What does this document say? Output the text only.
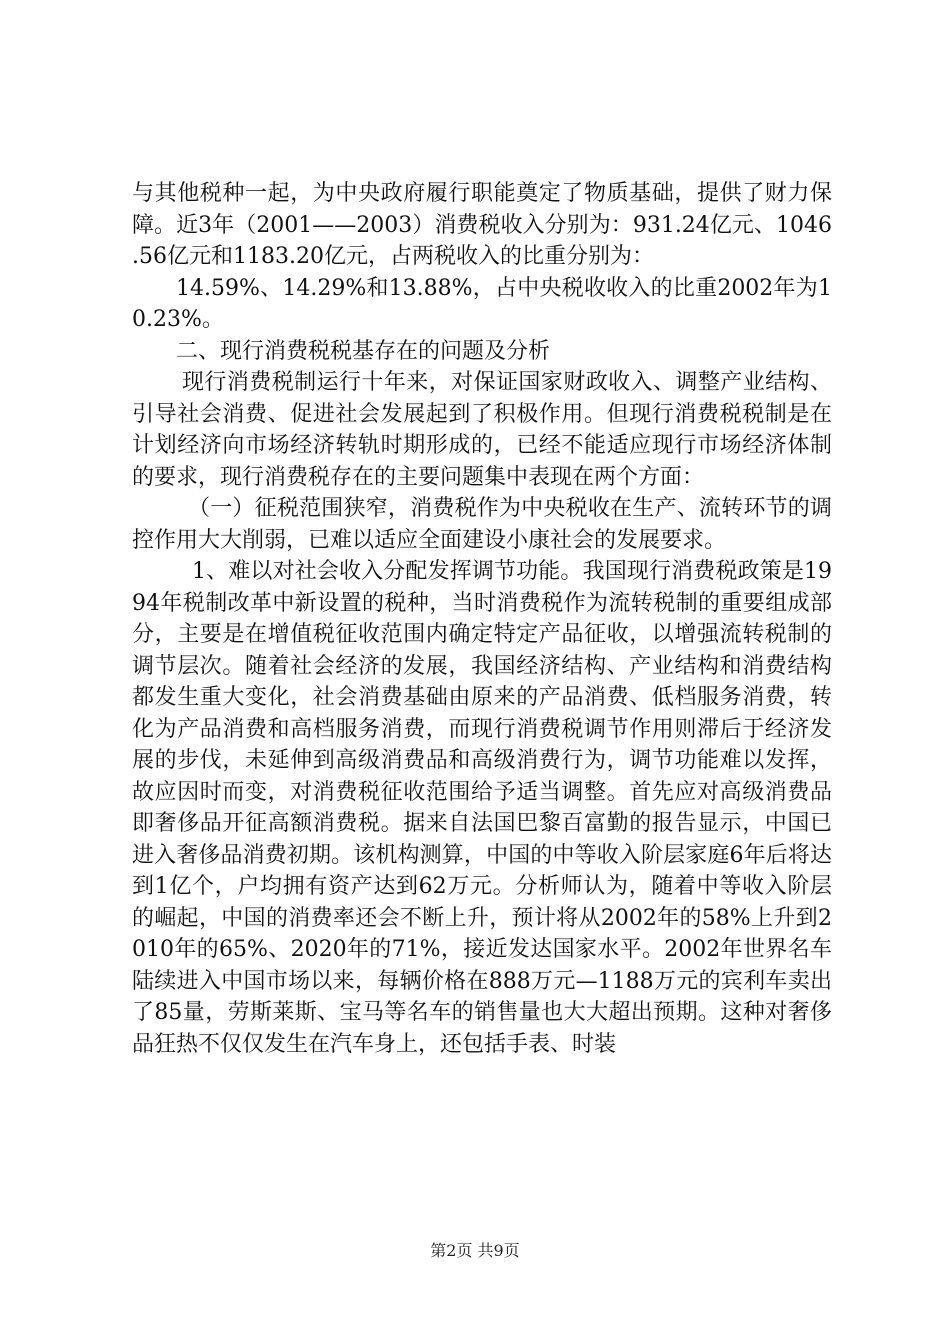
与其他税种一起，为中央政府履行职能奠定了物质基础，提供了财力保障。近3年（2001——2003）消费税收入分别为：931.24亿元、1046.56亿元和1183.20亿元，占两税收入的比重分别为：

14.59%、14.29%和13.88%，占中央税收收入的比重2002年为10.23%。

二、现行消费税税基存在的问题及分析

现行消费税制运行十年来，对保证国家财政收入、调整产业结构、引导社会消费、促进社会发展起到了积极作用。但现行消费税税制是在计划经济向市场经济转轨时期形成的，已经不能适应现行市场经济体制的要求，现行消费税存在的主要问题集中表现在两个方面：

（一）征税范围狭窄，消费税作为中央税收在生产、流转环节的调控作用大大削弱，已难以适应全面建设小康社会的发展要求。

1、难以对社会收入分配发挥调节功能。我国现行消费税政策是1994年税制改革中新设置的税种，当时消费税作为流转税制的重要组成部分，主要是在增值税征收范围内确定特定产品征收，以增强流转税制的调节层次。随着社会经济的发展，我国经济结构、产业结构和消费结构都发生重大变化，社会消费基础由原来的产品消费、低档服务消费，转化为产品消费和高档服务消费，而现行消费税调节作用则滞后于经济发展的步伐，未延伸到高级消费品和高级消费行为，调节功能难以发挥，故应因时而变，对消费税征收范围给予适当调整。首先应对高级消费品即奢侈品开征高额消费税。据来自法国巴黎百富勤的报告显示，中国已进入奢侈品消费初期。该机构测算，中国的中等收入阶层家庭6年后将达到1亿个，户均拥有资产达到62万元。分析师认为，随着中等收入阶层的崛起，中国的消费率还会不断上升，预计将从2002年的58%上升到2010年的65%、2020年的71%，接近发达国家水平。2002年世界名车陆续进入中国市场以来，每辆价格在888万元—1188万元的宾利车卖出了85量，劳斯莱斯、宝马等名车的销售量也大大超出预期。这种对奢侈品狂热不仅仅发生在汽车身上，还包括手表、时装

第2页 共9页
